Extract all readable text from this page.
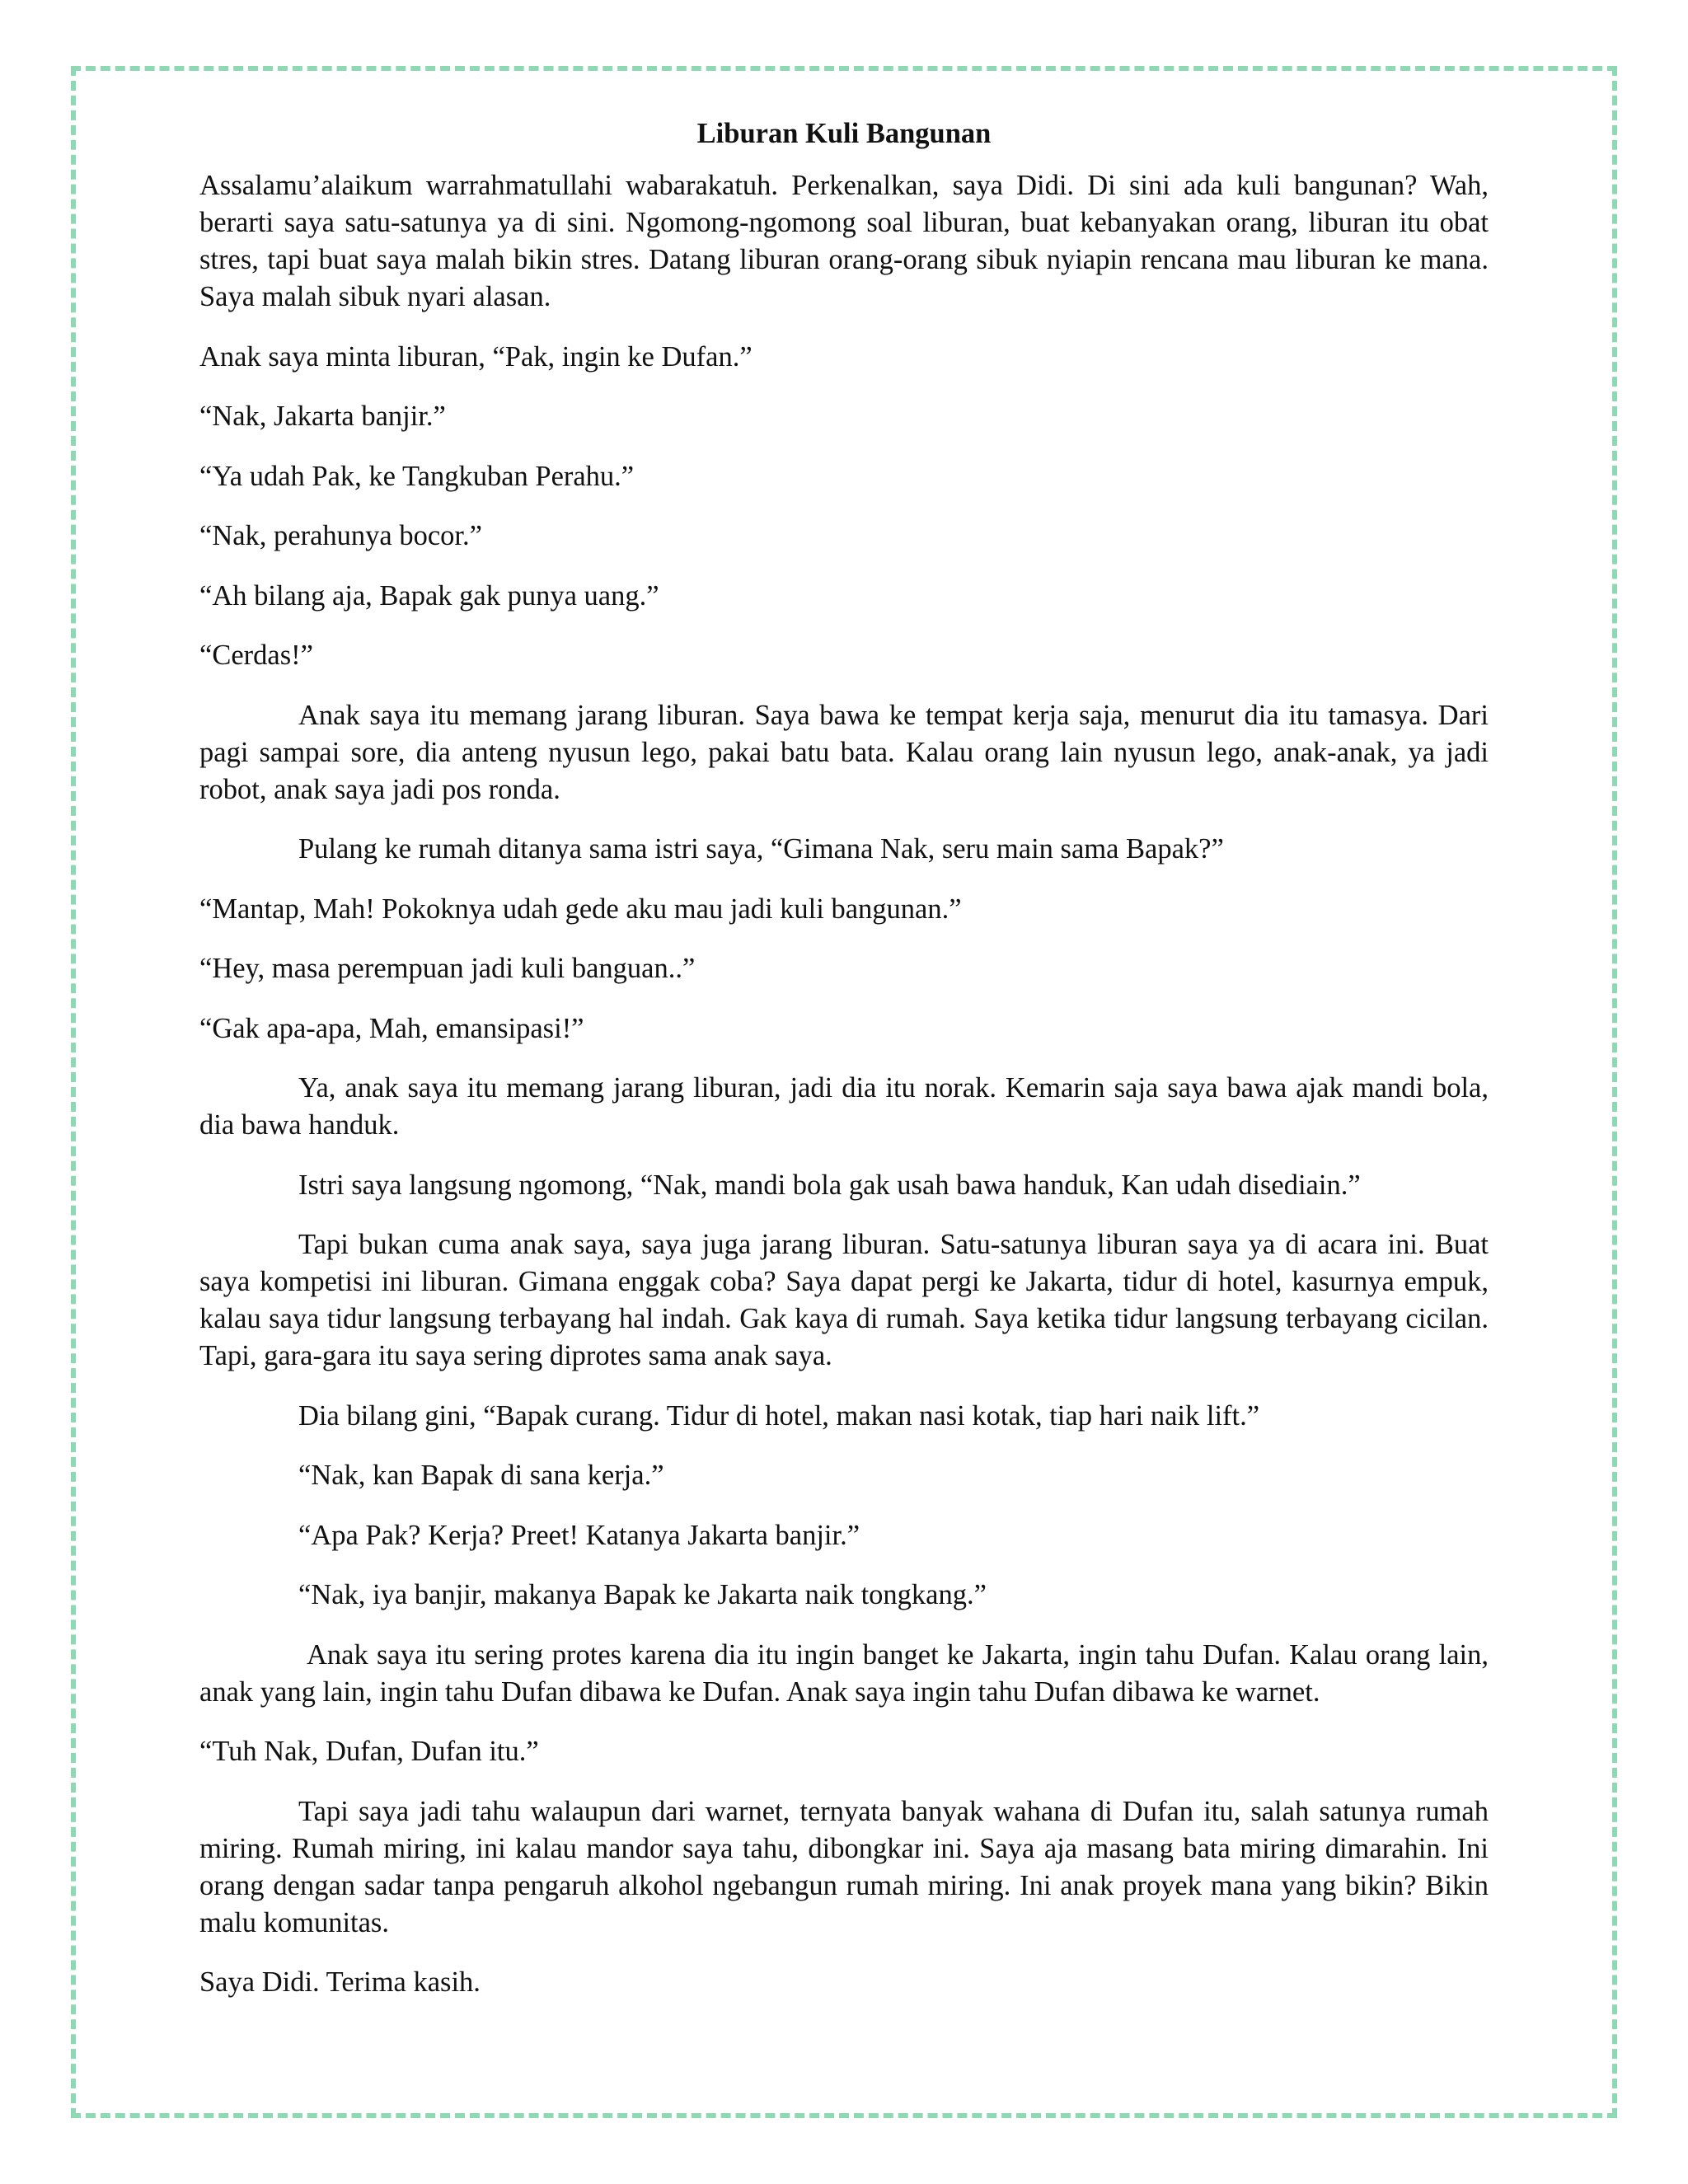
Liburan Kuli Bangunan

Assalamu’alaikum warrahmatullahi wabarakatuh. Perkenalkan, saya Didi. Di sini ada kuli bangunan? Wah, berarti saya satu-satunya ya di sini. Ngomong-ngomong soal liburan, buat kebanyakan orang, liburan itu obat stres, tapi buat saya malah bikin stres. Datang liburan orang-orang sibuk nyiapin rencana mau liburan ke mana. Saya malah sibuk nyari alasan.

Anak saya minta liburan, “Pak, ingin ke Dufan.”

“Nak, Jakarta banjir.”

“Ya udah Pak, ke Tangkuban Perahu.”

“Nak, perahunya bocor.”

“Ah bilang aja, Bapak gak punya uang.”

“Cerdas!”

Anak saya itu memang jarang liburan. Saya bawa ke tempat kerja saja, menurut dia itu tamasya. Dari pagi sampai sore, dia anteng nyusun lego, pakai batu bata. Kalau orang lain nyusun lego, anak-anak, ya jadi robot, anak saya jadi pos ronda.

Pulang ke rumah ditanya sama istri saya, “Gimana Nak, seru main sama Bapak?”

“Mantap, Mah! Pokoknya udah gede aku mau jadi kuli bangunan.”

“Hey, masa perempuan jadi kuli banguan..”

“Gak apa-apa, Mah, emansipasi!”

Ya, anak saya itu memang jarang liburan, jadi dia itu norak. Kemarin saja saya bawa ajak mandi bola, dia bawa handuk.

Istri saya langsung ngomong, “Nak, mandi bola gak usah bawa handuk, Kan udah disediain.”

Tapi bukan cuma anak saya, saya juga jarang liburan. Satu-satunya liburan saya ya di acara ini. Buat saya kompetisi ini liburan. Gimana enggak coba? Saya dapat pergi ke Jakarta, tidur di hotel, kasurnya empuk, kalau saya tidur langsung terbayang hal indah. Gak kaya di rumah. Saya ketika tidur langsung terbayang cicilan. Tapi, gara-gara itu saya sering diprotes sama anak saya.

Dia bilang gini, “Bapak curang. Tidur di hotel, makan nasi kotak, tiap hari naik lift.”

“Nak, kan Bapak di sana kerja.”

“Apa Pak? Kerja? Preet! Katanya Jakarta banjir.”

“Nak, iya banjir, makanya Bapak ke Jakarta naik tongkang.”

Anak saya itu sering protes karena dia itu ingin banget ke Jakarta, ingin tahu Dufan. Kalau orang lain, anak yang lain, ingin tahu Dufan dibawa ke Dufan. Anak saya ingin tahu Dufan dibawa ke warnet.

“Tuh Nak, Dufan, Dufan itu.”

Tapi saya jadi tahu walaupun dari warnet, ternyata banyak wahana di Dufan itu, salah satunya rumah miring. Rumah miring, ini kalau mandor saya tahu, dibongkar ini. Saya aja masang bata miring dimarahin. Ini orang dengan sadar tanpa pengaruh alkohol ngebangun rumah miring. Ini anak proyek mana yang bikin? Bikin malu komunitas.

Saya Didi. Terima kasih.
